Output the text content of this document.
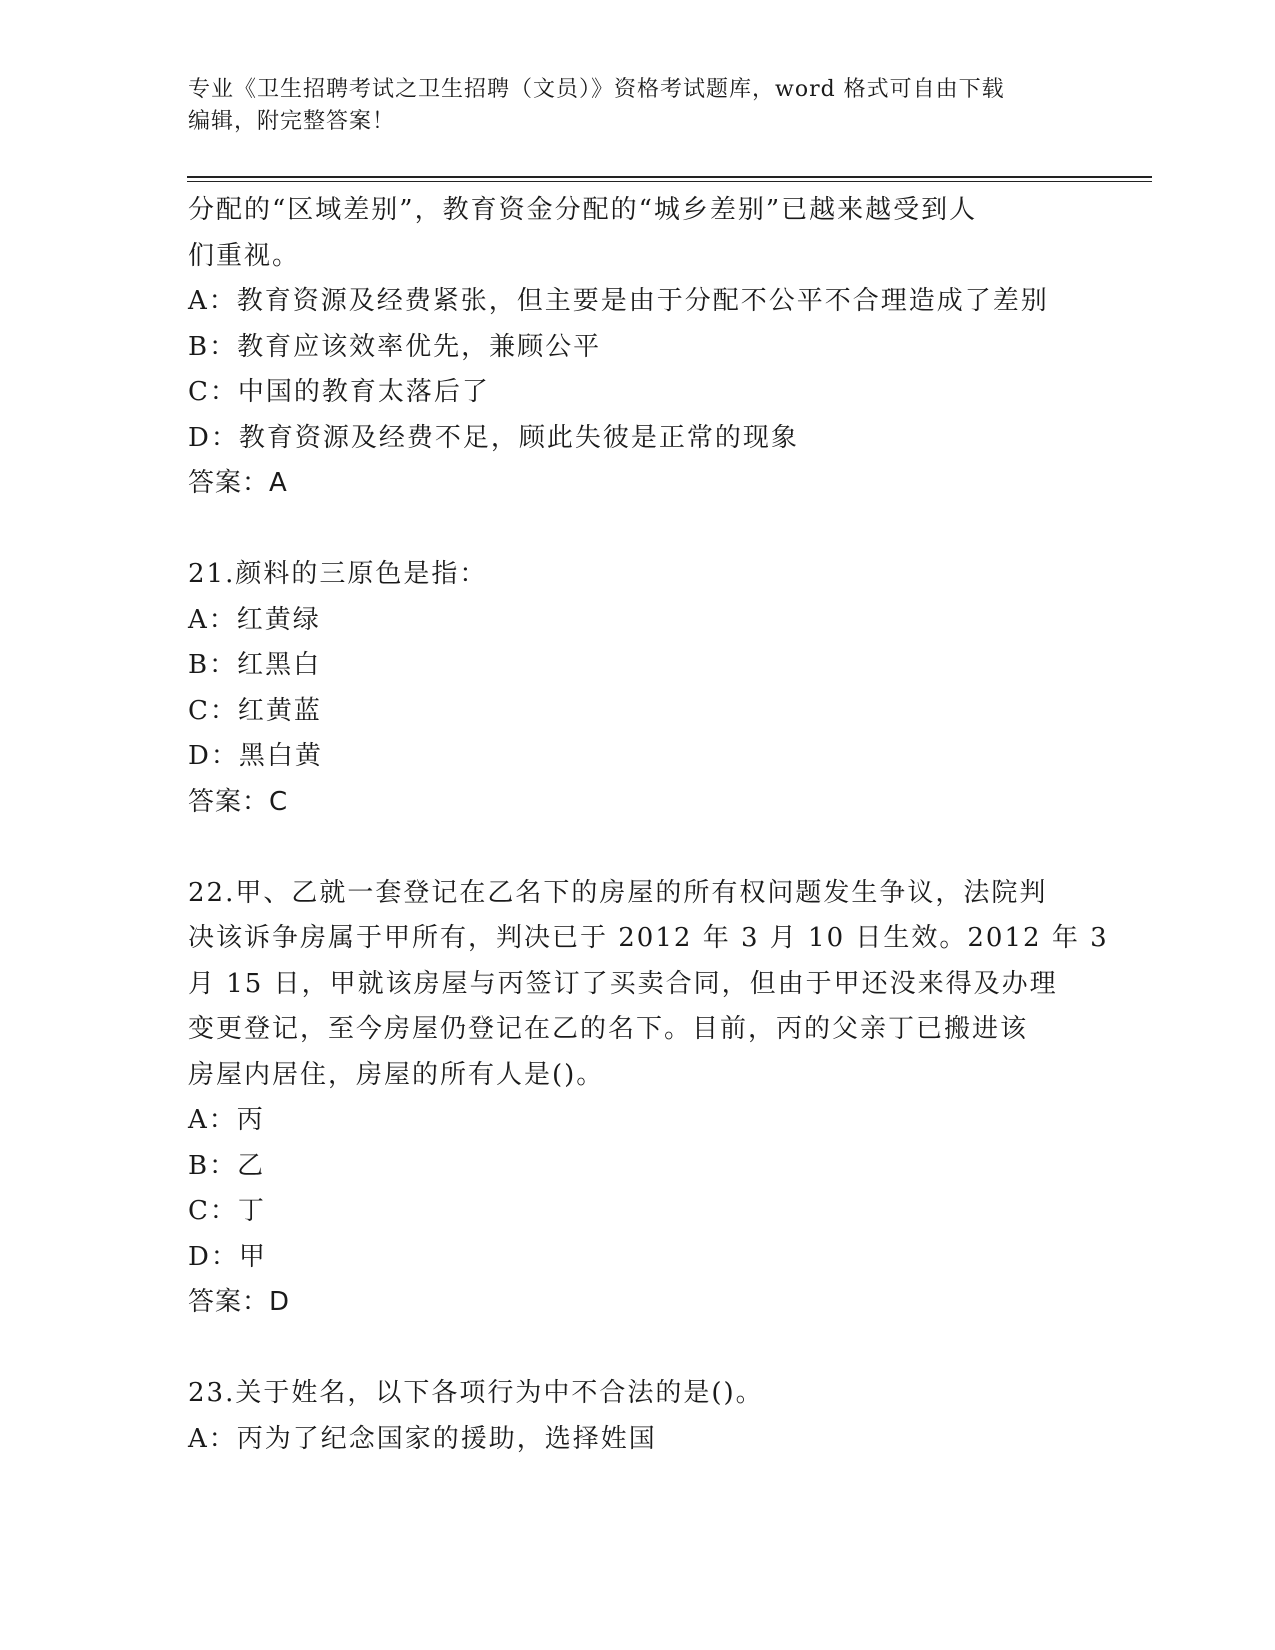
专业《卫生招聘考试之卫生招聘（文员）》资格考试题库，word 格式可自由下载

编辑，附完整答案！

分配的“区域差别”，教育资金分配的“城乡差别”已越来越受到人

们重视。

A：教育资源及经费紧张，但主要是由于分配不公平不合理造成了差别

B：教育应该效率优先，兼顾公平

C：中国的教育太落后了

D：教育资源及经费不足，顾此失彼是正常的现象

答案：A

21.颜料的三原色是指：

A：红黄绿

B：红黑白

C：红黄蓝

D：黑白黄

答案：C

22.甲、乙就一套登记在乙名下的房屋的所有权问题发生争议，法院判

决该诉争房属于甲所有，判决已于 2012 年 3 月 10 日生效。2012 年 3

月 15 日，甲就该房屋与丙签订了买卖合同，但由于甲还没来得及办理

变更登记，至今房屋仍登记在乙的名下。目前，丙的父亲丁已搬进该

房屋内居住，房屋的所有人是()。

A：丙

B：乙

C：丁

D：甲

答案：D

23.关于姓名，以下各项行为中不合法的是()。

A：丙为了纪念国家的援助，选择姓国
